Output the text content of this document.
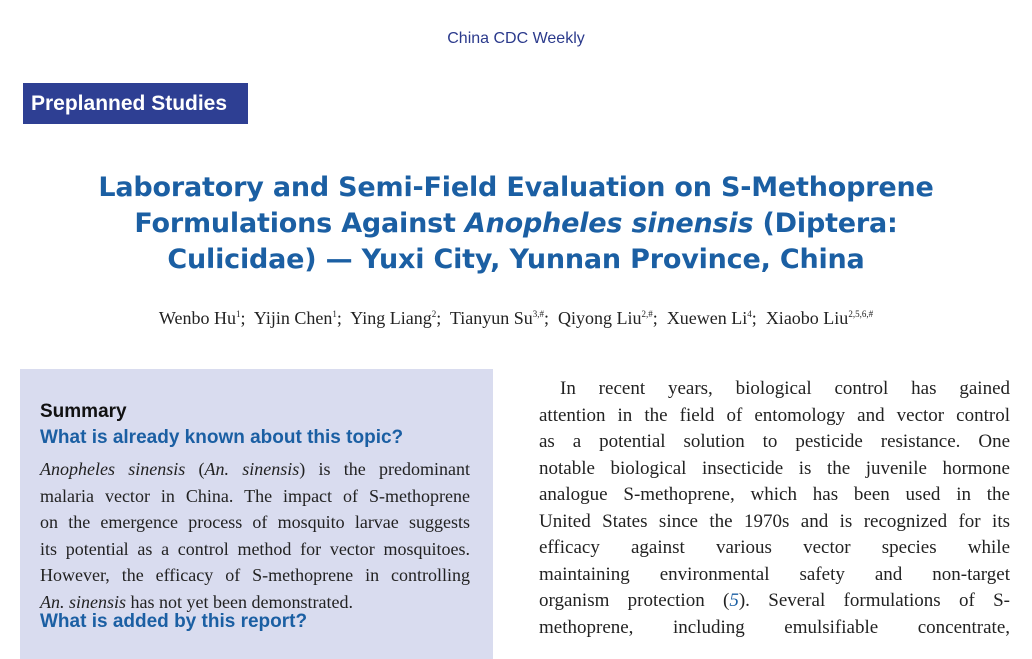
China CDC Weekly
Preplanned Studies
Laboratory and Semi-Field Evaluation on S-Methoprene
Formulations Against Anopheles sinensis (Diptera:
Culicidae) — Yuxi City, Yunnan Province, China
Wenbo Hu$^1$; Yijin Chen$^1$; Ying Liang$^2$; Tianyun $Su^{3,\#}$; Qiyong Liu$^{2,\#}$; Xuewen Li$^4$; Xiaobo Liu$^{2,5,6,\#}$
Summary
What is already known about this topic?
Anopheles sinensis (An. sinensis) is the predominant
malaria vector in China. The impact of S-methoprene
on the emergence process of mosquito larvae suggests
its potential as a control method for vector mosquitoes.
However, the efficacy of S-methoprene in controlling
An. sinensis has not yet been demonstrated.
What is added by this report?
In recent years, biological control has gained
attention in the field of entomology and vector control
as a potential solution to pesticide resistance. One
notable biological insecticide is the juvenile hormone
analogue S-methoprene, which has been used in the
United States since the 1970s and is recognized for its
efficacy against various vector species while
maintaining environmental safety and non-target
organism protection (5). Several formulations of S-
methoprene, including emulsifiable concentrate,
